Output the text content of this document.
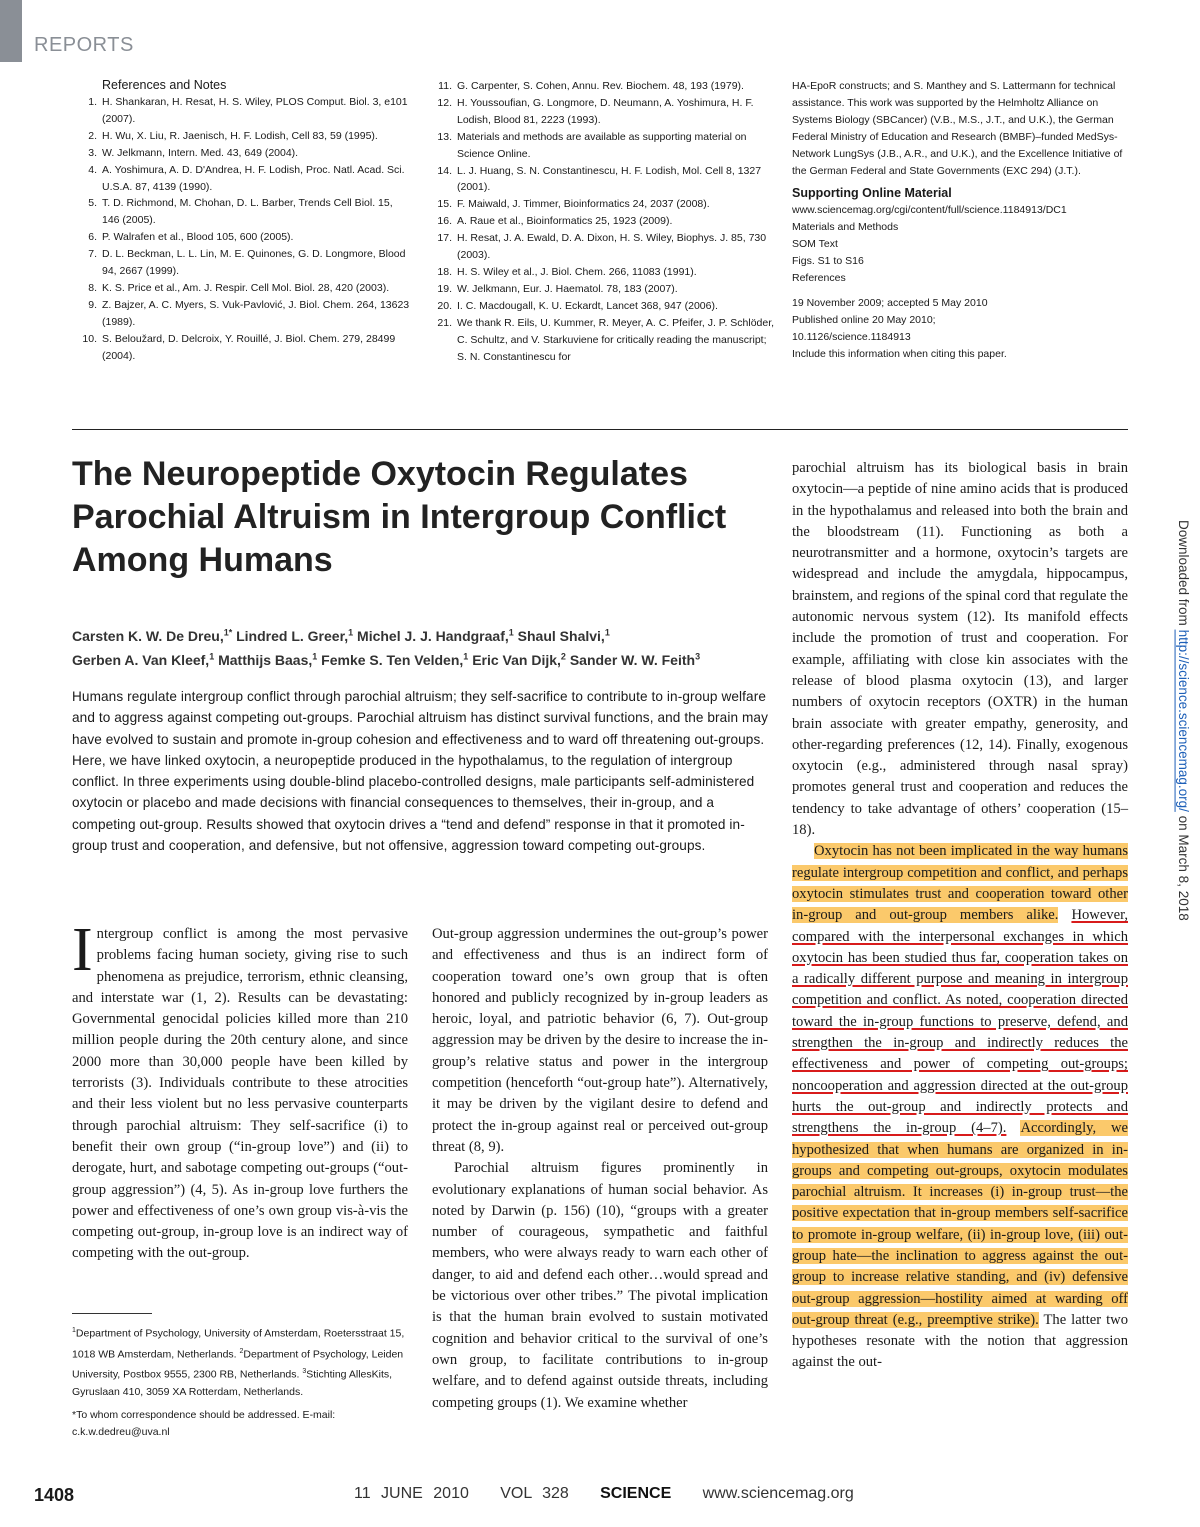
REPORTS
References and Notes
1. H. Shankaran, H. Resat, H. S. Wiley, PLOS Comput. Biol. 3, e101 (2007).
2. H. Wu, X. Liu, R. Jaenisch, H. F. Lodish, Cell 83, 59 (1995).
3. W. Jelkmann, Intern. Med. 43, 649 (2004).
4. A. Yoshimura, A. D. D'Andrea, H. F. Lodish, Proc. Natl. Acad. Sci. U.S.A. 87, 4139 (1990).
5. T. D. Richmond, M. Chohan, D. L. Barber, Trends Cell Biol. 15, 146 (2005).
6. P. Walrafen et al., Blood 105, 600 (2005).
7. D. L. Beckman, L. L. Lin, M. E. Quinones, G. D. Longmore, Blood 94, 2667 (1999).
8. K. S. Price et al., Am. J. Respir. Cell Mol. Biol. 28, 420 (2003).
9. Z. Bajzer, A. C. Myers, S. Vuk-Pavlović, J. Biol. Chem. 264, 13623 (1989).
10. S. Beloužard, D. Delcroix, Y. Rouillé, J. Biol. Chem. 279, 28499 (2004).
11. G. Carpenter, S. Cohen, Annu. Rev. Biochem. 48, 193 (1979).
12. H. Youssoufian, G. Longmore, D. Neumann, A. Yoshimura, H. F. Lodish, Blood 81, 2223 (1993).
13. Materials and methods are available as supporting material on Science Online.
14. L. J. Huang, S. N. Constantinescu, H. F. Lodish, Mol. Cell 8, 1327 (2001).
15. F. Maiwald, J. Timmer, Bioinformatics 24, 2037 (2008).
16. A. Raue et al., Bioinformatics 25, 1923 (2009).
17. H. Resat, J. A. Ewald, D. A. Dixon, H. S. Wiley, Biophys. J. 85, 730 (2003).
18. H. S. Wiley et al., J. Biol. Chem. 266, 11083 (1991).
19. W. Jelkmann, Eur. J. Haematol. 78, 183 (2007).
20. I. C. Macdougall, K. U. Eckardt, Lancet 368, 947 (2006).
21. We thank R. Eils, U. Kummer, R. Meyer, A. C. Pfeifer, J. P. Schlöder, C. Schultz, and V. Starkuviene for critically reading the manuscript; S. N. Constantinescu for

HA-EpoR constructs; and S. Manthey and S. Lattermann for technical assistance. This work was supported by the Helmholtz Alliance on Systems Biology (SBCancer) (V.B., M.S., J.T., and U.K.), the German Federal Ministry of Education and Research (BMBF)–funded MedSys-Network LungSys (J.B., A.R., and U.K.), and the Excellence Initiative of the German Federal and State Governments (EXC 294) (J.T.).

Supporting Online Material

www.sciencemag.org/cgi/content/full/science.1184913/DC1

Materials and Methods

SOM Text

Figs. S1 to S16

References

19 November 2009; accepted 5 May 2010

Published online 20 May 2010;

10.1126/science.1184913

Include this information when citing this paper.

The Neuropeptide Oxytocin Regulates Parochial Altruism in Intergroup Conflict Among Humans
Carsten K. W. De Dreu,$^{1*}$ Lindred L. Greer,$^1$ Michel J. J. Handgraaf,$^1$ Shaul Shalvi,$^1$
Gerben A. Van Kleef,$^1$ Matthijs Baas,$^1$ Femke S. Ten Velden,$^1$ Eric Van Dijk,$^2$ Sander W. W. Feith$^3$
Humans regulate intergroup conflict through parochial altruism; they self-sacrifice to contribute to in-group welfare and to aggress against competing out-groups. Parochial altruism has distinct survival functions, and the brain may have evolved to sustain and promote in-group cohesion and effectiveness and to ward off threatening out-groups. Here, we have linked oxytocin, a neuropeptide produced in the hypothalamus, to the regulation of intergroup conflict. In three experiments using double-blind placebo-controlled designs, male participants self-administered oxytocin or placebo and made decisions with financial consequences to themselves, their in-group, and a competing out-group. Results showed that oxytocin drives a “tend and defend” response in that it promoted in-group trust and cooperation, and defensive, but not offensive, aggression toward competing out-groups.

Intergroup conflict is among the most pervasive problems facing human society, giving rise to such phenomena as prejudice, terrorism, ethnic cleansing, and interstate war (1, 2). Results can be devastating: Governmental genocidal policies killed more than 210 million people during the 20th century alone, and since 2000 more than 30,000 people have been killed by terrorists (3). Individuals contribute to these atrocities and their less violent but no less pervasive counterparts through parochial altruism: They self-sacrifice (i) to benefit their own group (“in-group love”) and (ii) to derogate, hurt, and sabotage competing out-groups (“out-group aggression”) (4, 5). As in-group love furthers the power and effectiveness of one’s own group vis-à-vis the competing out-group, in-group love is an indirect way of competing with the out-group.

$^1$Department of Psychology, University of Amsterdam, Roetersstraat 15, 1018 WB Amsterdam, Netherlands. $^2$Department of Psychology, Leiden University, Postbox 9555, 2300 RB, Netherlands. $^3$Stichting AllesKits, Gyruslaan 410, 3059 XA Rotterdam, Netherlands.

*To whom correspondence should be addressed. E-mail: c.k.w.dedreu@uva.nl

Out-group aggression undermines the out-group’s power and effectiveness and thus is an indirect form of cooperation toward one’s own group that is often honored and publicly recognized by in-group leaders as heroic, loyal, and patriotic behavior (6, 7). Out-group aggression may be driven by the desire to increase the in-group’s relative status and power in the intergroup competition (henceforth “out-group hate”). Alternatively, it may be driven by the vigilant desire to defend and protect the in-group against real or perceived out-group threat (8, 9).

Parochial altruism figures prominently in evolutionary explanations of human social behavior. As noted by Darwin (p. 156) (10), “groups with a greater number of courageous, sympathetic and faithful members, who were always ready to warn each other of danger, to aid and defend each other…would spread and be victorious over other tribes.” The pivotal implication is that the human brain evolved to sustain motivated cognition and behavior critical to the survival of one’s own group, to facilitate contributions to in-group welfare, and to defend against outside threats, including competing groups (1). We examine whether

parochial altruism has its biological basis in brain oxytocin—a peptide of nine amino acids that is produced in the hypothalamus and released into both the brain and the bloodstream (11). Functioning as both a neurotransmitter and a hormone, oxytocin’s targets are widespread and include the amygdala, hippocampus, brainstem, and regions of the spinal cord that regulate the autonomic nervous system (12). Its manifold effects include the promotion of trust and cooperation. For example, affiliating with close kin associates with the release of blood plasma oxytocin (13), and larger numbers of oxytocin receptors (OXTR) in the human brain associate with greater empathy, generosity, and other-regarding preferences (12, 14). Finally, exogenous oxytocin (e.g., administered through nasal spray) promotes general trust and cooperation and reduces the tendency to take advantage of others’ cooperation (15–18).

Oxytocin has not been implicated in the way humans regulate intergroup competition and conflict, and perhaps oxytocin stimulates trust and cooperation toward other in-group and out-group members alike. However, compared with the interpersonal exchanges in which oxytocin has been studied thus far, cooperation takes on a radically different purpose and meaning in intergroup competition and conflict. As noted, cooperation directed toward the in-group functions to preserve, defend, and strengthen the in-group and indirectly reduces the effectiveness and power of competing out-groups; noncooperation and aggression directed at the out-group hurts the out-group and indirectly protects and strengthens the in-group (4–7). Accordingly, we hypothesized that when humans are organized in in-groups and competing out-groups, oxytocin modulates parochial altruism. It increases (i) in-group trust—the positive expectation that in-group members self-sacrifice to promote in-group welfare, (ii) in-group love, (iii) out-group hate—the inclination to aggress against the out-group to increase relative standing, and (iv) defensive out-group aggression—hostility aimed at warding off out-group threat (e.g., preemptive strike). The latter two hypotheses resonate with the notion that aggression against the out-

Downloaded from http://science.sciencemag.org/ on March 8, 2018
1408	11 JUNE 2010 VOL 328 SCIENCE www.sciencemag.org
